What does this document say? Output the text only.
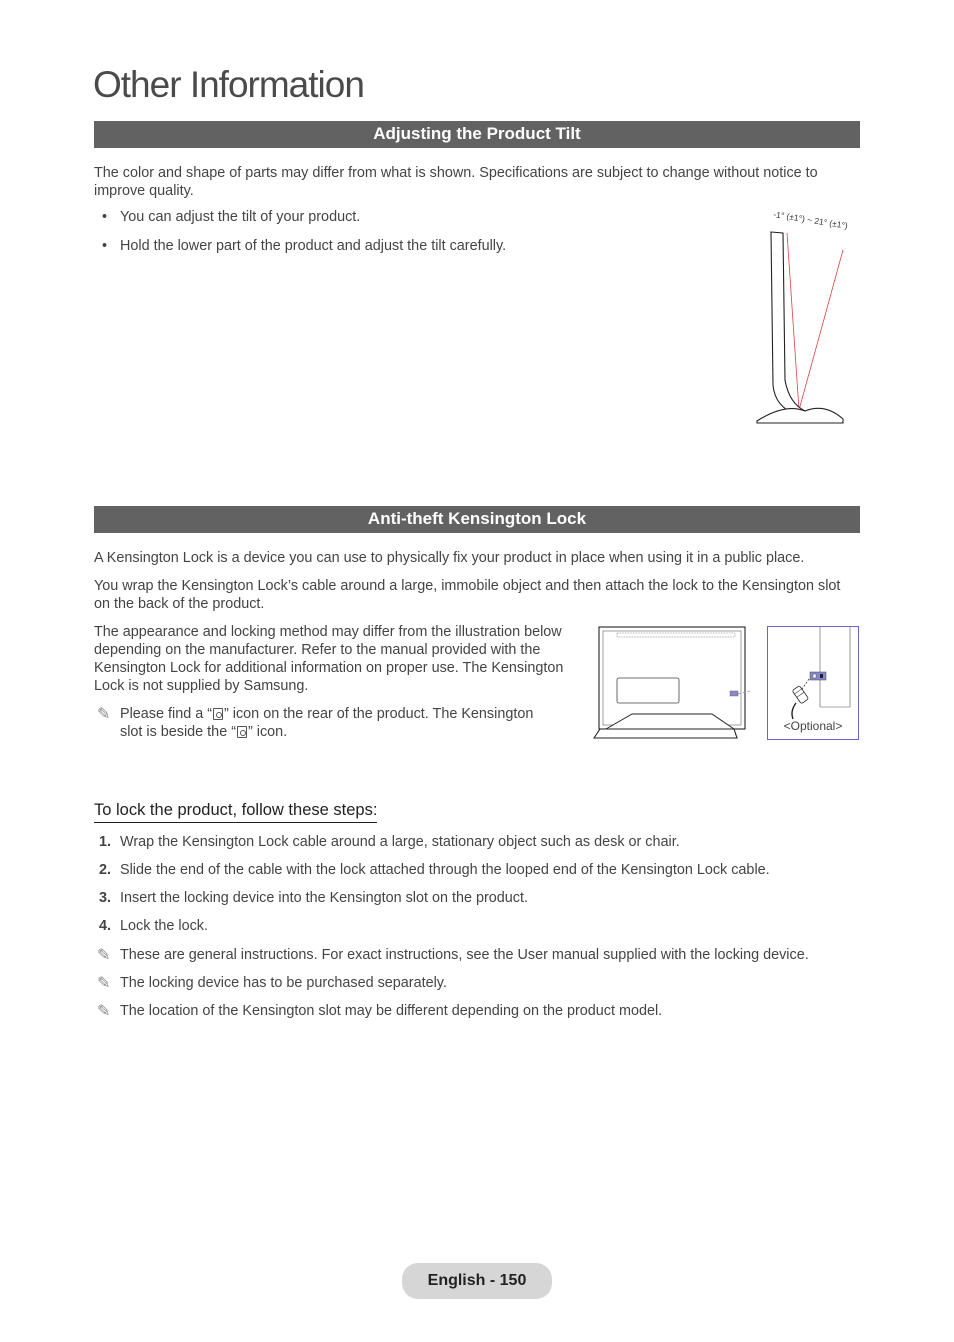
Other Information
Adjusting the Product Tilt
The color and shape of parts may differ from what is shown. Specifications are subject to change without notice to improve quality.
• You can adjust the tilt of your product.
• Hold the lower part of the product and adjust the tilt carefully.
-1° (±1°) ~ 21° (±1°)
Anti-theft Kensington Lock
A Kensington Lock is a device you can use to physically fix your product in place when using it in a public place.
You wrap the Kensington Lock’s cable around a large, immobile object and then attach the lock to the Kensington slot on the back of the product.
The appearance and locking method may differ from the illustration below depending on the manufacturer. Refer to the manual provided with the Kensington Lock for additional information on proper use. The Kensington Lock is not supplied by Samsung.
✎ Please find a “ ” icon on the rear of the product. The Kensington
slot is beside the “ ” icon.	<Optional>
To lock the product, follow these steps:
1. Wrap the Kensington Lock cable around a large, stationary object such as desk or chair.
2. Slide the end of the cable with the lock attached through the looped end of the Kensington Lock cable.
3. Insert the locking device into the Kensington slot on the product.
4. Lock the lock.
✎ These are general instructions. For exact instructions, see the User manual supplied with the locking device.
✎ The locking device has to be purchased separately.
✎ The location of the Kensington slot may be different depending on the product model.
English - 150
